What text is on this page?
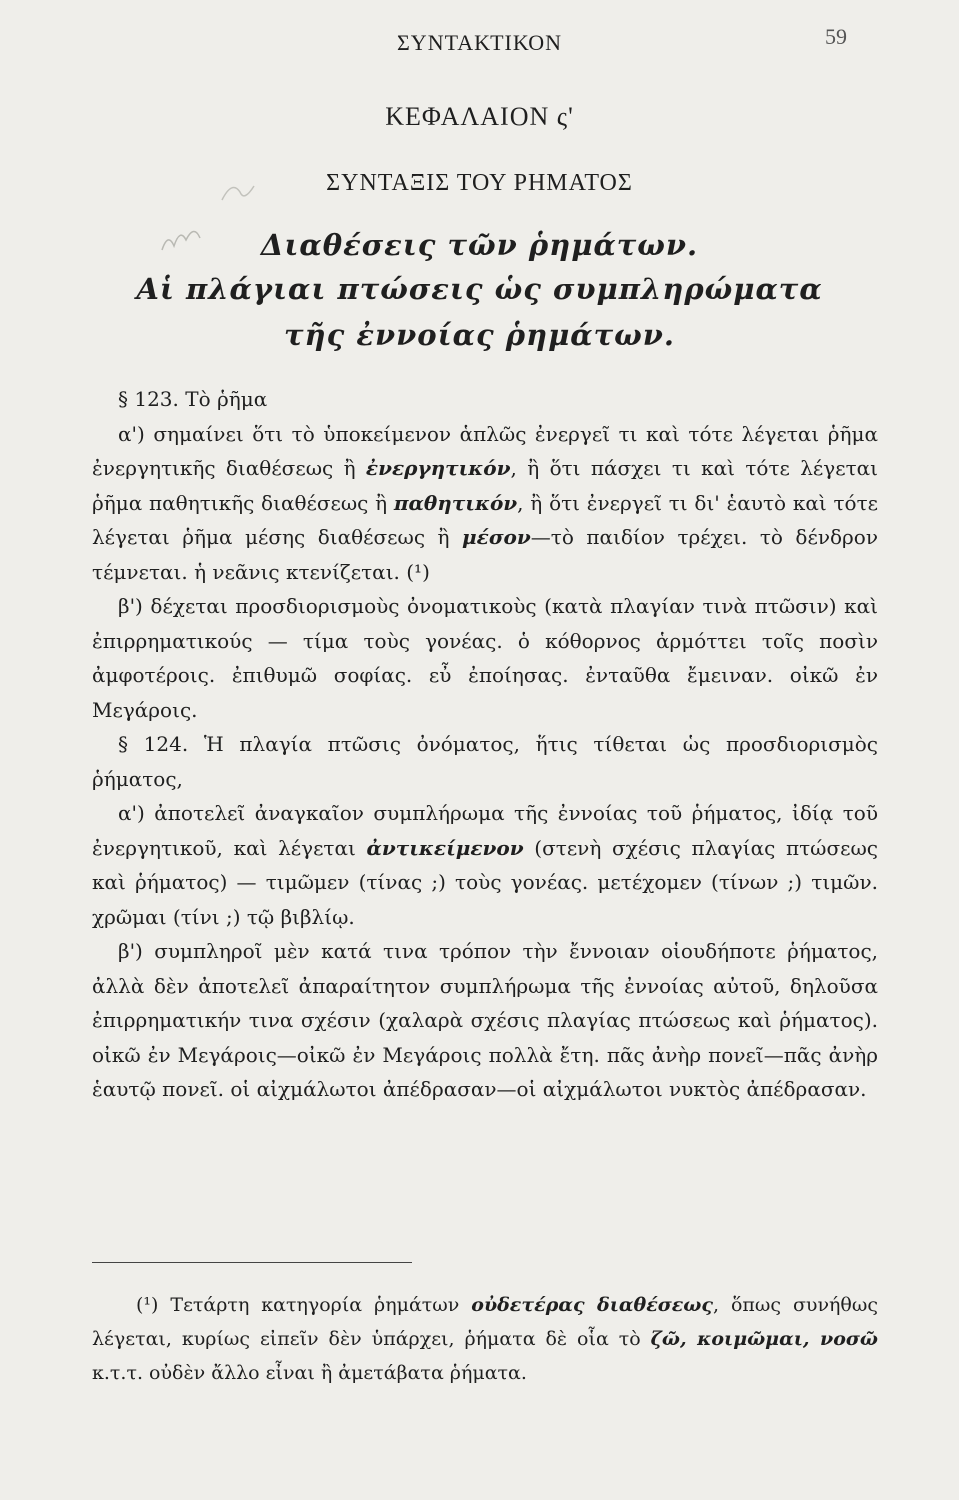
ΣΥΝΤΑΚΤΙΚΟΝ	59
ΚΕΦΑΛΑΙΟΝ ς'
ΣΥΝΤΑΞΙΣ ΤΟΥ ΡΗΜΑΤΟΣ
Διαθέσεις τῶν ῥημάτων.
Αἱ πλάγιαι πτώσεις ὡς συμπληρώματα
τῆς ἐννοίας ῥημάτων.

§ 123. Τὸ ῥῆμα

α') σημαίνει ὅτι τὸ ὑποκείμενον ἁπλῶς ἐνεργεῖ τι καὶ τότε λέγεται ῥῆμα ἐνεργητικῆς διαθέσεως ἢ ἐνεργητικόν, ἢ ὅτι πάσχει τι καὶ τότε λέγεται ῥῆμα παθητικῆς διαθέσεως ἢ παθητικόν, ἢ ὅτι ἐνεργεῖ τι δι' ἑαυτὸ καὶ τότε λέγεται ῥῆμα μέσης διαθέσεως ἢ μέσον—τὸ παιδίον τρέχει. τὸ δένδρον τέμνεται. ἡ νεᾶνις κτενίζεται. (¹)

β') δέχεται προσδιορισμοὺς ὀνοματικοὺς (κατὰ πλαγίαν τινὰ πτῶσιν) καὶ ἐπιρρηματικούς — τίμα τοὺς γονέας. ὁ κόθορνος ἁρμόττει τοῖς ποσὶν ἀμφοτέροις. ἐπιθυμῶ σοφίας. εὖ ἐποίησας. ἐνταῦθα ἔμειναν. οἰκῶ ἐν Μεγάροις.

§ 124. Ἡ πλαγία πτῶσις ὀνόματος, ἥτις τίθεται ὡς προσδιορισμὸς ῥήματος,

α') ἀποτελεῖ ἀναγκαῖον συμπλήρωμα τῆς ἐννοίας τοῦ ῥήματος, ἰδίᾳ τοῦ ἐνεργητικοῦ, καὶ λέγεται ἀντικείμενον (στενὴ σχέσις πλαγίας πτώσεως καὶ ῥήματος) — τιμῶμεν (τίνας ;) τοὺς γονέας. μετέχομεν (τίνων ;) τιμῶν. χρῶμαι (τίνι ;) τῷ βιβλίῳ.

β') συμπληροῖ μὲν κατά τινα τρόπον τὴν ἔννοιαν οἱουδήποτε ῥήματος, ἀλλὰ δὲν ἀποτελεῖ ἀπαραίτητον συμπλήρωμα τῆς ἐννοίας αὐτοῦ, δηλοῦσα ἐπιρρηματικήν τινα σχέσιν (χαλαρὰ σχέσις πλαγίας πτώσεως καὶ ῥήματος). οἰκῶ ἐν Μεγάροις—οἰκῶ ἐν Μεγάροις πολλὰ ἔτη. πᾶς ἀνὴρ πονεῖ—πᾶς ἀνὴρ ἑαυτῷ πονεῖ. οἱ αἰχμάλωτοι ἀπέδρασαν—οἱ αἰχμάλωτοι νυκτὸς ἀπέδρασαν.

(¹) Τετάρτη κατηγορία ῥημάτων οὐδετέρας διαθέσεως, ὅπως συνήθως λέγεται, κυρίως εἰπεῖν δὲν ὑπάρχει, ῥήματα δὲ οἷα τὸ ζῶ, κοιμῶμαι, νοσῶ κ.τ.τ. οὐδὲν ἄλλο εἶναι ἢ ἀμετάβατα ῥήματα.
